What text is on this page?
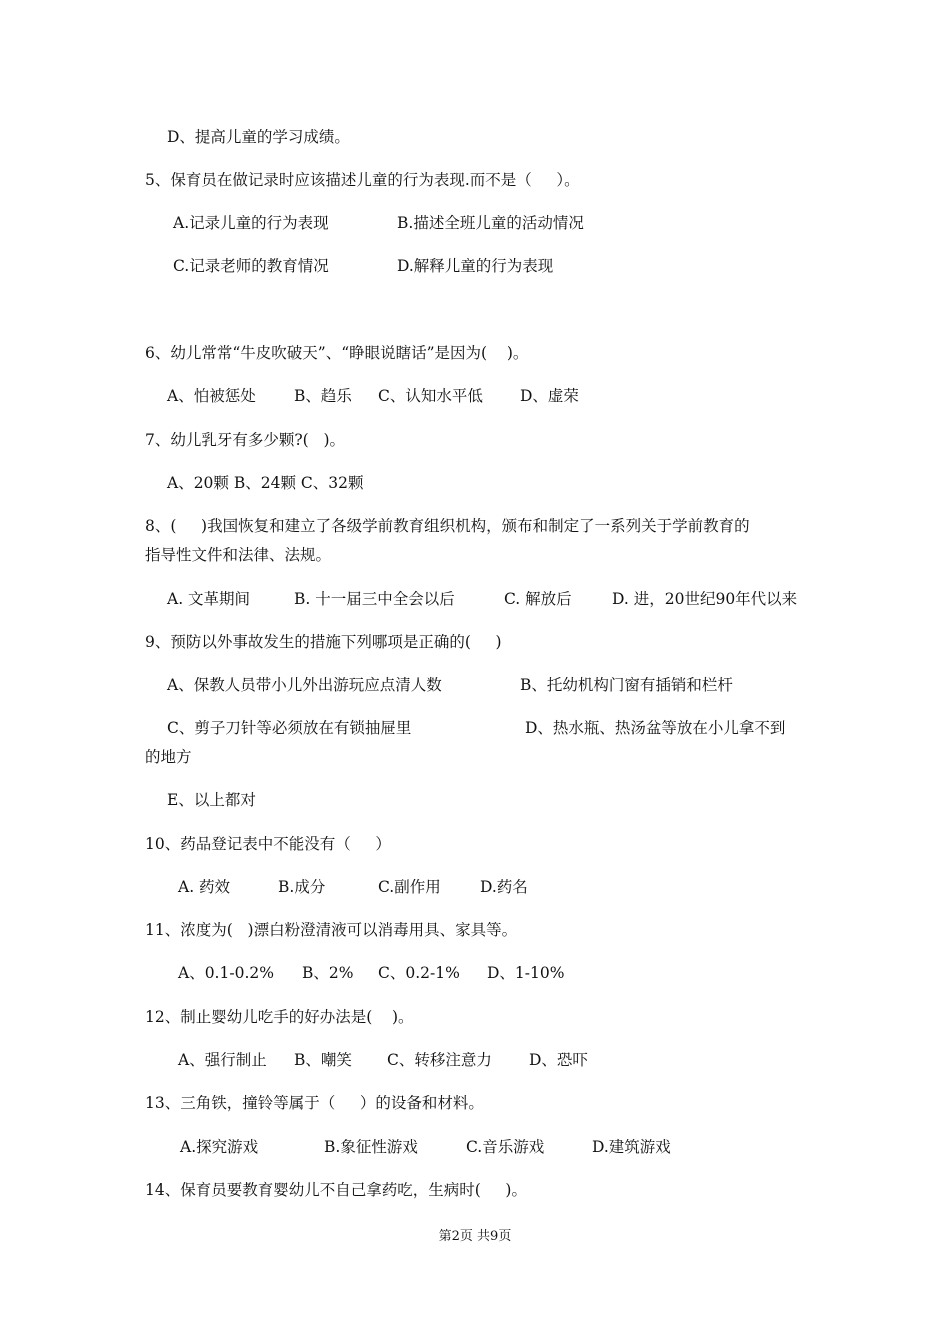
D、提高儿童的学习成绩。
5、保育员在做记录时应该描述儿童的行为表现.而不是（     ）。
A.记录儿童的行为表现	B.描述全班儿童的活动情况
C.记录老师的教育情况	D.解释儿童的行为表现
6、幼儿常常“牛皮吹破天”、“睁眼说瞎话”是因为(    )。
A、怕被惩处 B、趋乐 C、认知水平低 D、虚荣
7、幼儿乳牙有多少颗?(   )。
A、20颗 B、24颗 C、32颗
8、(     )我国恢复和建立了各级学前教育组织机构，颁布和制定了一系列关于学前教育的
指导性文件和法律、法规。
A. 文革期间	B. 十一届三中全会以后	C. 解放后	D. 进，20世纪90年代以来
9、预防以外事故发生的措施下列哪项是正确的(     )
A、保教人员带小儿外出游玩应点清人数	B、托幼机构门窗有插销和栏杆
C、剪子刀针等必须放在有锁抽屉里	D、热水瓶、热汤盆等放在小儿拿不到
的地方
E、以上都对
10、药品登记表中不能没有（     ）
A. 药效	B.成分	C.副作用	D.药名
11、浓度为(   )漂白粉澄清液可以消毒用具、家具等。
A、0.1-0.2% B、2% C、0.2-1% D、1-10%
12、制止婴幼儿吃手的好办法是(    )。
A、强行制止 B、嘲笑 C、转移注意力 D、恐吓
13、三角铁，撞铃等属于（     ）的设备和材料。
A.探究游戏	B.象征性游戏	C.音乐游戏	D.建筑游戏
14、保育员要教育婴幼儿不自己拿药吃，生病时(     )。
第2页 共9页
